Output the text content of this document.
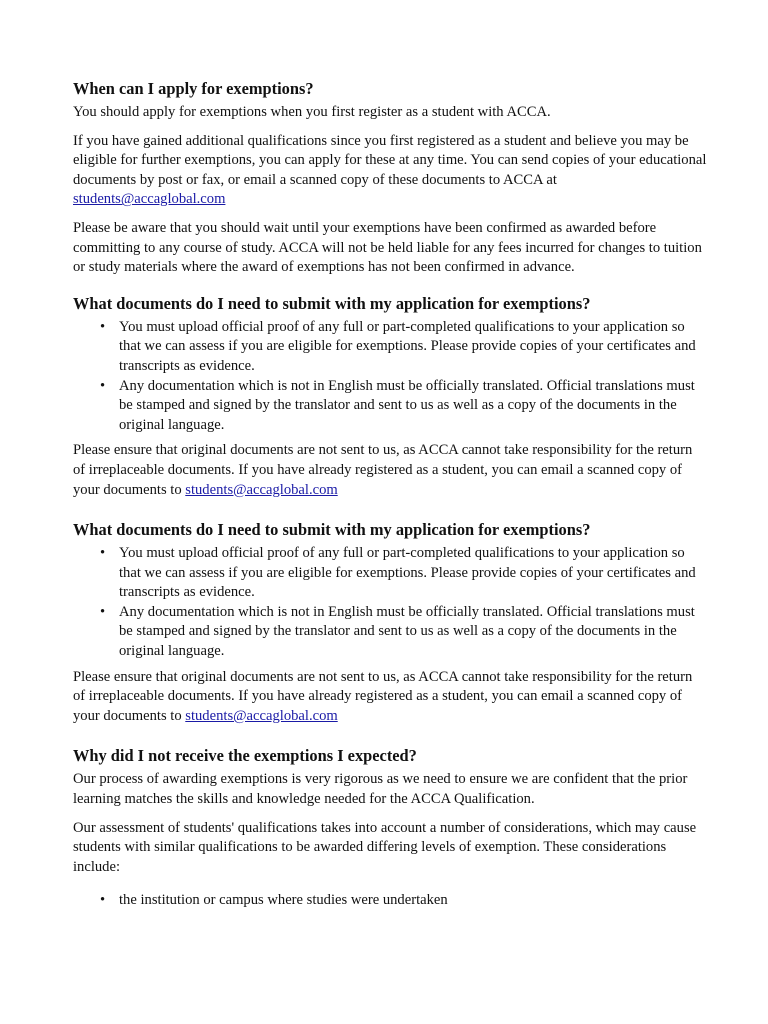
When can I apply for exemptions?

You should apply for exemptions when you first register as a student with ACCA.

If you have gained additional qualifications since you first registered as a student and believe you may be eligible for further exemptions, you can apply for these at any time. You can send copies of your educational documents by post or fax, or email a scanned copy of these documents to ACCA at students@accaglobal.com

Please be aware that you should wait until your exemptions have been confirmed as awarded before committing to any course of study. ACCA will not be held liable for any fees incurred for changes to tuition or study materials where the award of exemptions has not been confirmed in advance.

What documents do I need to submit with my application for exemptions?
• You must upload official proof of any full or part-completed qualifications to your application so that we can assess if you are eligible for exemptions. Please provide copies of your certificates and transcripts as evidence.
• Any documentation which is not in English must be officially translated. Official translations must be stamped and signed by the translator and sent to us as well as a copy of the documents in the original language.

Please ensure that original documents are not sent to us, as ACCA cannot take responsibility for the return of irreplaceable documents. If you have already registered as a student, you can email a scanned copy of your documents to students@accaglobal.com

What documents do I need to submit with my application for exemptions?
• You must upload official proof of any full or part-completed qualifications to your application so that we can assess if you are eligible for exemptions. Please provide copies of your certificates and transcripts as evidence.
• Any documentation which is not in English must be officially translated. Official translations must be stamped and signed by the translator and sent to us as well as a copy of the documents in the original language.

Please ensure that original documents are not sent to us, as ACCA cannot take responsibility for the return of irreplaceable documents. If you have already registered as a student, you can email a scanned copy of your documents to students@accaglobal.com

Why did I not receive the exemptions I expected?

Our process of awarding exemptions is very rigorous as we need to ensure we are confident that the prior learning matches the skills and knowledge needed for the ACCA Qualification.

Our assessment of students' qualifications takes into account a number of considerations, which may cause students with similar qualifications to be awarded differing levels of exemption. These considerations include:

• the institution or campus where studies were undertaken
